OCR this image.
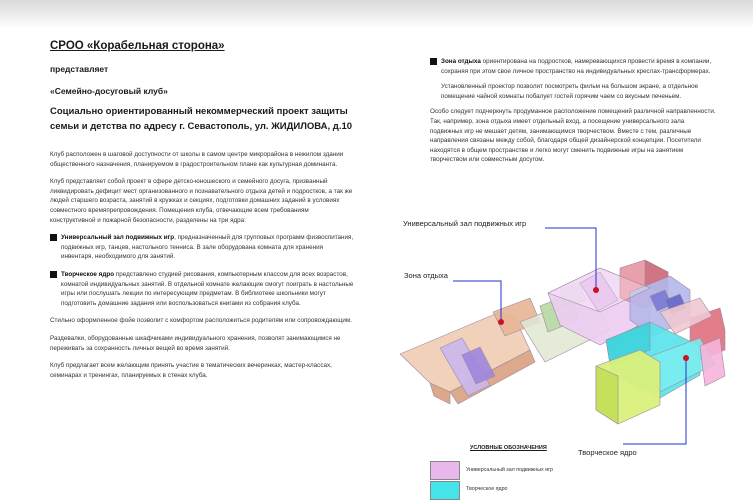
СРОО «Корабельная сторона»
представляет
«Семейно-досуговый клуб»
Социально ориентированный некоммерческий проект защиты семьи и детства по адресу г. Севастополь, ул. ЖИДИЛОВА, д.10

Клуб расположен в шаговой доступности от школы в самом центре микрорайона в нежилом здании общественного назначения, планируемом в градостроительном плане как культурная доминанта.

Клуб представляет собой проект в сфере детско-юношеского и семейного досуга, призванный ликвидировать дефицит мест организованного и познавательного отдыха детей и подростков, а так же людей старшего возраста, занятий в кружках и секциях, подготовки домашних заданий в условиях совместного времяпрепровождения. Помещения клуба, отвечающие всем требованиям конструктивной и пожарной безопасности, разделены на три ядра:

Универсальный зал подвижных игр, предназначенный для групповых программ физвоспитания, подвижных игр, танцев, настольного тенниса. В зале оборудована комната для хранения инвентаря, необходимого для занятий.

Творческое ядро представлено студией рисования, компьютерным классом для всех возрастов, комнатой индивидуальных занятий. В отдельной комнате желающие смогут поиграть в настольные игры или послушать лекции по интересующим предметам. В библиотеке школьники могут подготовить домашние задания или воспользоваться книгами из собрания клуба.

Стильно оформленное фойе позволит с комфортом расположиться родителям или сопровождающим.

Раздевалки, оборудованные шкафчиками индивидуального хранения, позволят занимающимся не переживать за сохранность личных вещей во время занятий.

Клуб предлагает всем желающим принять участие в тематических вечеринках, мастер-классах, семинарах и тренингах, планируемых в стенах клуба.

Зона отдыха ориентирована на подростков, намеревающихся провести время в компании, сохраняя при этом свое личное пространство на индивидуальных креслах-трансформерах.

Установленный проектор позволит посмотреть фильм на большом экране, а отдельное помещение чайной комнаты побалует гостей горячим чаем со вкусным печеньем.

Особо следует подчеркнуть продуманное расположение помещений различной направленности. Так, например, зона отдыха имеет отдельный вход, а посещение универсального зала подвижных игр не мешает детям, занимающимся творчеством. Вместе с тем, различные направления связаны между собой, благодаря общей дизайнерской концепции. Посетители находятся в общем пространстве и легко могут сменить подвижные игры на занятием творчеством или совместным досугом.

Универсальный зал подвижных игр
Зона отдыха
Творческое ядро
УСЛОВНЫЕ ОБОЗНАЧЕНИЯ
Универсальный зал подвижных игр
Творческое ядро
